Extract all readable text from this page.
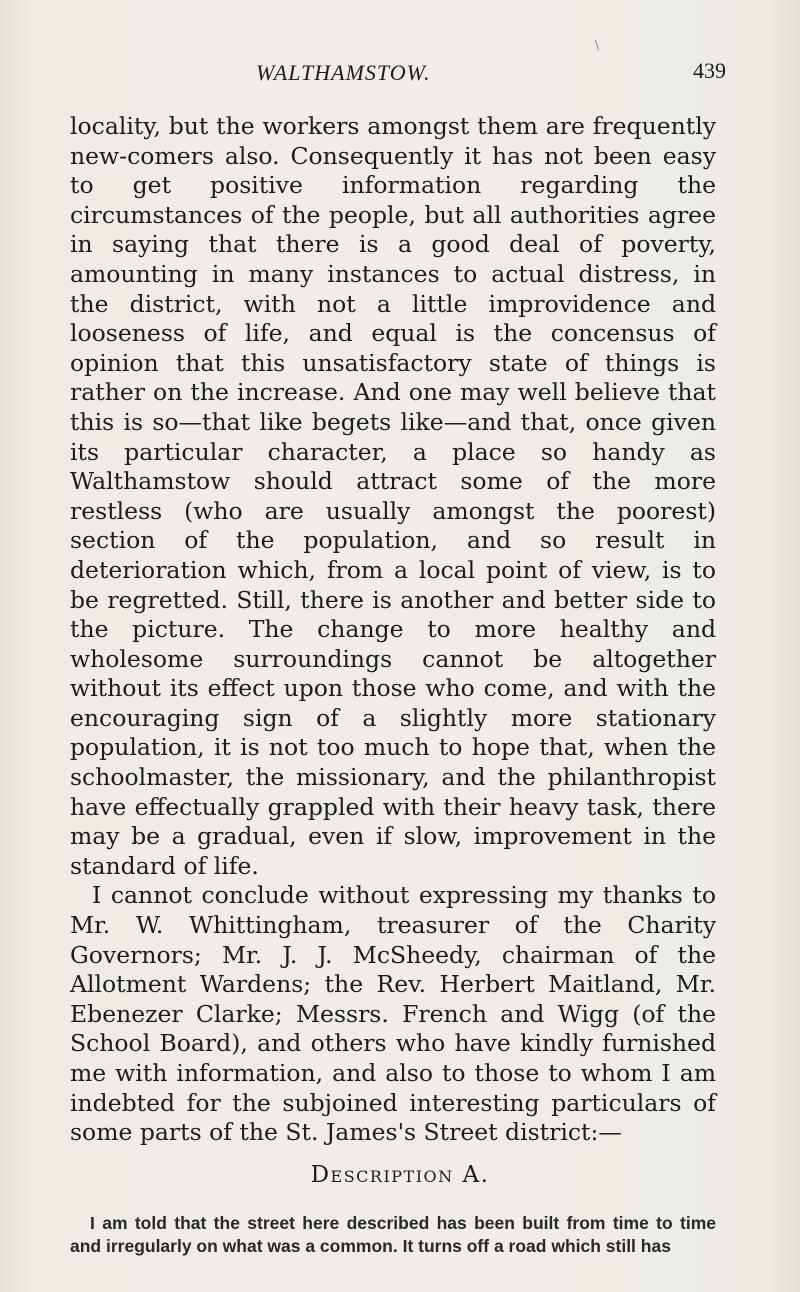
\
WALTHAMSTOW.	439

locality, but the workers amongst them are frequently new-comers also. Consequently it has not been easy to get positive information regarding the circumstances of the people, but all authorities agree in saying that there is a good deal of poverty, amounting in many instances to actual distress, in the district, with not a little improvidence and looseness of life, and equal is the concensus of opinion that this unsatisfactory state of things is rather on the increase. And one may well believe that this is so—that like begets like—and that, once given its particular character, a place so handy as Walthamstow should attract some of the more restless (who are usually amongst the poorest) section of the population, and so result in deterioration which, from a local point of view, is to be regretted. Still, there is another and better side to the picture. The change to more healthy and wholesome surroundings cannot be altogether without its effect upon those who come, and with the encouraging sign of a slightly more stationary population, it is not too much to hope that, when the schoolmaster, the missionary, and the philanthropist have effectually grappled with their heavy task, there may be a gradual, even if slow, improvement in the standard of life.

I cannot conclude without expressing my thanks to Mr. W. Whittingham, treasurer of the Charity Governors; Mr. J. J. McSheedy, chairman of the Allotment Wardens; the Rev. Herbert Maitland, Mr. Ebenezer Clarke; Messrs. French and Wigg (of the School Board), and others who have kindly furnished me with information, and also to those to whom I am indebted for the subjoined interesting particulars of some parts of the St. James's Street district:—

Description A.

I am told that the street here described has been built from time to time and irregularly on what was a common. It turns off a road which still has
